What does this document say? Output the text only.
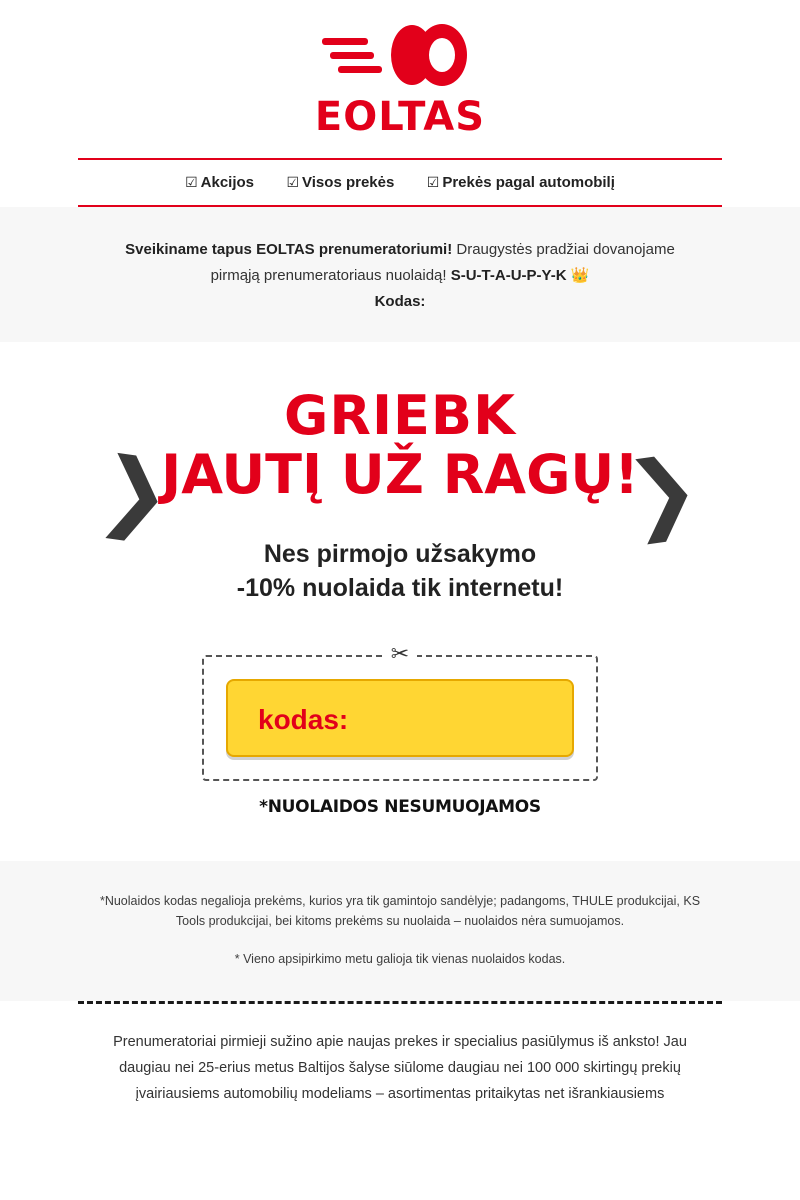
EOLTAS
☑ Akcijos ☑ Visos prekės ☑ Prekės pagal automobilį
Sveikiname tapus EOLTAS prenumeratoriumi! Draugystės pradžiai dovanojame pirmąją prenumeratoriaus nuolaidą! S-U-T-A-U-P-Y-K 👑
Kodas:
GRIEBK
❮
JAUTĮ UŽ RAGŲ!
❯
Nes pirmojo užsakymo
-10% nuolaida tik internetu!
✂
kodas:
*NUOLAIDOS NESUMUOJAMOS

*Nuolaidos kodas negalioja prekėms, kurios yra tik gamintojo sandėlyje; padangoms, THULE produkcijai, KS Tools produkcijai, bei kitoms prekėms su nuolaida – nuolaidos nėra sumuojamos.

* Vieno apsipirkimo metu galioja tik vienas nuolaidos kodas.

Prenumeratoriai pirmieji sužino apie naujas prekes ir specialius pasiūlymus iš anksto! Jau daugiau nei 25-erius metus Baltijos šalyse siūlome daugiau nei 100 000 skirtingų prekių įvairiausiems automobilių modeliams – asortimentas pritaikytas net išrankiausiems
